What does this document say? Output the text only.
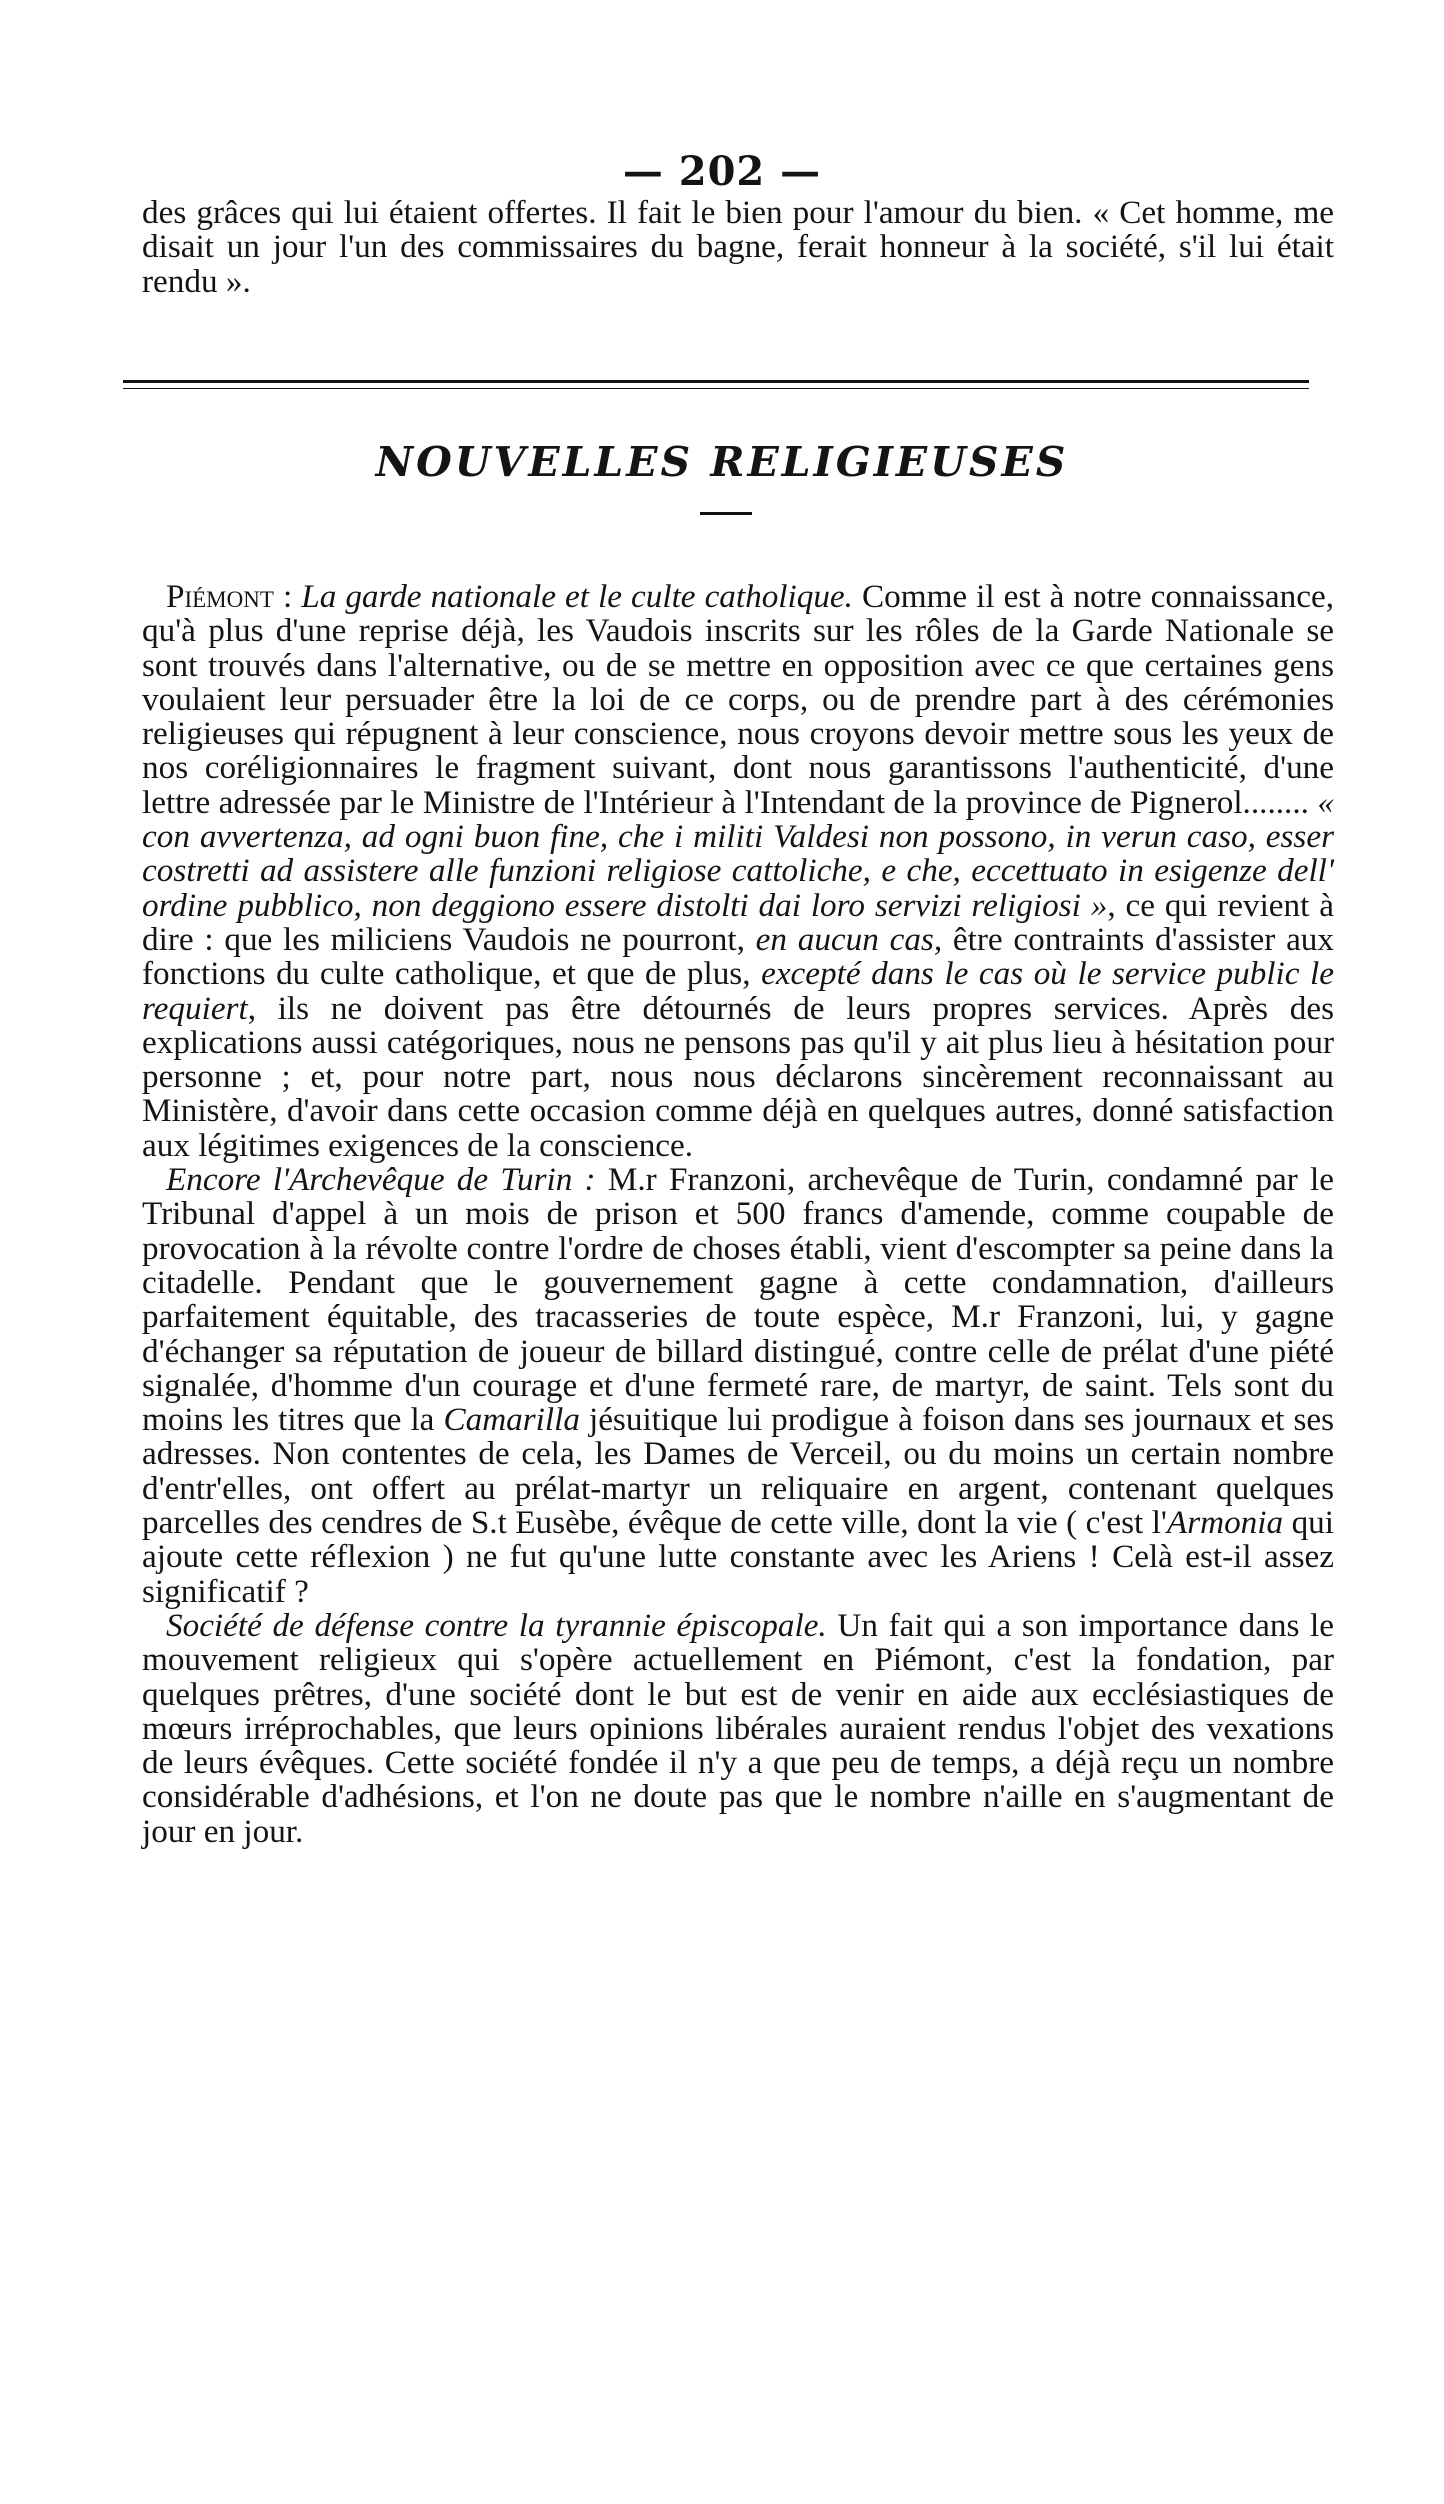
— 202 —

des grâces qui lui étaient offertes. Il fait le bien pour l'amour du bien. « Cet homme, me disait un jour l'un des commissaires du bagne, ferait honneur à la société, s'il lui était rendu ».

NOUVELLES RELIGIEUSES

Piémont : La garde nationale et le culte catholique. Comme il est à notre connaissance, qu'à plus d'une reprise déjà, les Vaudois inscrits sur les rôles de la Garde Nationale se sont trouvés dans l'alternative, ou de se mettre en opposition avec ce que certaines gens voulaient leur persuader être la loi de ce corps, ou de prendre part à des cérémonies religieuses qui répugnent à leur conscience, nous croyons devoir mettre sous les yeux de nos coréligionnaires le fragment suivant, dont nous garantissons l'authenticité, d'une lettre adressée par le Ministre de l'Intérieur à l'Intendant de la province de Pignerol........ « con avvertenza, ad ogni buon fine, che i militi Valdesi non possono, in verun caso, esser costretti ad assistere alle funzioni religiose cattoliche, e che, eccettuato in esigenze dell' ordine pubblico, non deggiono essere distolti dai loro servizi religiosi », ce qui revient à dire : que les miliciens Vaudois ne pourront, en aucun cas, être contraints d'assister aux fonctions du culte catholique, et que de plus, excepté dans le cas où le service public le requiert, ils ne doivent pas être détournés de leurs propres services. Après des explications aussi catégoriques, nous ne pensons pas qu'il y ait plus lieu à hésitation pour personne ; et, pour notre part, nous nous déclarons sincèrement reconnaissant au Ministère, d'avoir dans cette occasion comme déjà en quelques autres, donné satisfaction aux légitimes exigences de la conscience.

Encore l'Archevêque de Turin : M.r Franzoni, archevêque de Turin, condamné par le Tribunal d'appel à un mois de prison et 500 francs d'amende, comme coupable de provocation à la révolte contre l'ordre de choses établi, vient d'escompter sa peine dans la citadelle. Pendant que le gouvernement gagne à cette condamnation, d'ailleurs parfaitement équitable, des tracasseries de toute espèce, M.r Franzoni, lui, y gagne d'échanger sa réputation de joueur de billard distingué, contre celle de prélat d'une piété signalée, d'homme d'un courage et d'une fermeté rare, de martyr, de saint. Tels sont du moins les titres que la Camarilla jésuitique lui prodigue à foison dans ses journaux et ses adresses. Non contentes de cela, les Dames de Verceil, ou du moins un certain nombre d'entr'elles, ont offert au prélat-martyr un reliquaire en argent, contenant quelques parcelles des cendres de S.t Eusèbe, évêque de cette ville, dont la vie ( c'est l'Armonia qui ajoute cette réflexion ) ne fut qu'une lutte constante avec les Ariens ! Celà est-il assez significatif ?

Société de défense contre la tyrannie épiscopale. Un fait qui a son importance dans le mouvement religieux qui s'opère actuellement en Piémont, c'est la fondation, par quelques prêtres, d'une société dont le but est de venir en aide aux ecclésiastiques de mœurs irréprochables, que leurs opinions libérales auraient rendus l'objet des vexations de leurs évêques. Cette société fondée il n'y a que peu de temps, a déjà reçu un nombre considérable d'adhésions, et l'on ne doute pas que le nombre n'aille en s'augmentant de jour en jour.
